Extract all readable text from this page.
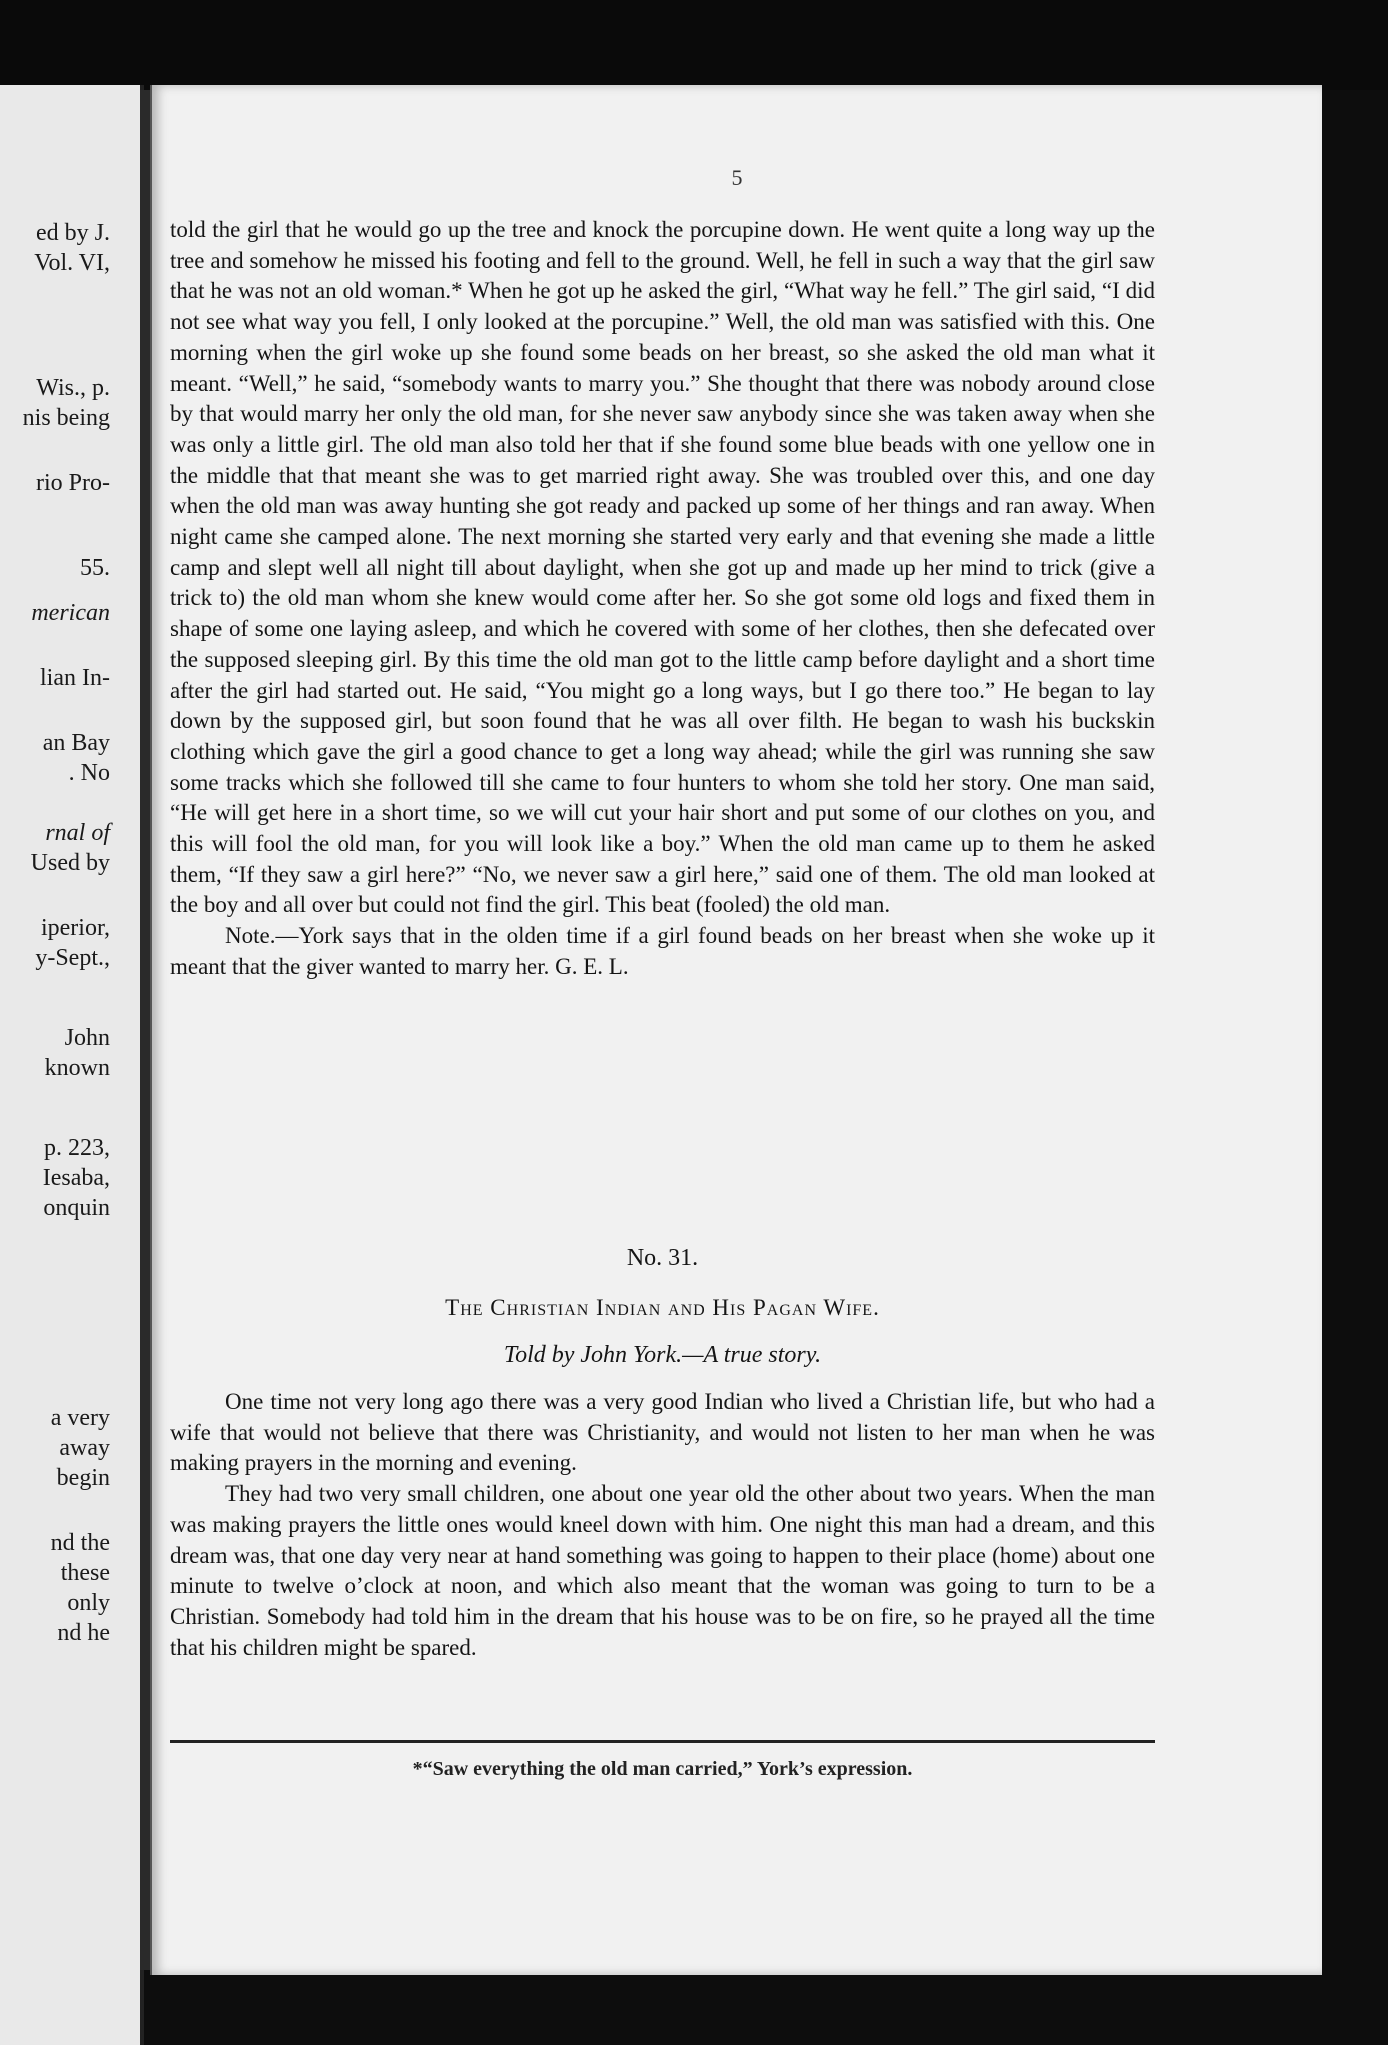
ed by J.
Vol. VI,
Wis., p.
nis being
rio Pro-
55.
merican
lian In-
an Bay
. No
rnal of
Used by
iperior,
y-Sept.,
John
known
p. 223,
Iesaba,
onquin
a very
away
begin
nd the
these
only
nd he
5

told the girl that he would go up the tree and knock the porcupine down. He went quite a long way up the tree and somehow he missed his footing and fell to the ground. Well, he fell in such a way that the girl saw that he was not an old woman.* When he got up he asked the girl, “What way he fell.” The girl said, “I did not see what way you fell, I only looked at the porcupine.” Well, the old man was satisfied with this. One morning when the girl woke up she found some beads on her breast, so she asked the old man what it meant. “Well,” he said, “somebody wants to marry you.” She thought that there was nobody around close by that would marry her only the old man, for she never saw anybody since she was taken away when she was only a little girl. The old man also told her that if she found some blue beads with one yellow one in the middle that that meant she was to get married right away. She was troubled over this, and one day when the old man was away hunting she got ready and packed up some of her things and ran away. When night came she camped alone. The next morning she started very early and that evening she made a little camp and slept well all night till about daylight, when she got up and made up her mind to trick (give a trick to) the old man whom she knew would come after her. So she got some old logs and fixed them in shape of some one laying asleep, and which he covered with some of her clothes, then she defecated over the supposed sleeping girl. By this time the old man got to the little camp before daylight and a short time after the girl had started out. He said, “You might go a long ways, but I go there too.” He began to lay down by the supposed girl, but soon found that he was all over filth. He began to wash his buckskin clothing which gave the girl a good chance to get a long way ahead; while the girl was running she saw some tracks which she followed till she came to four hunters to whom she told her story. One man said, “He will get here in a short time, so we will cut your hair short and put some of our clothes on you, and this will fool the old man, for you will look like a boy.” When the old man came up to them he asked them, “If they saw a girl here?” “No, we never saw a girl here,” said one of them. The old man looked at the boy and all over but could not find the girl. This beat (fooled) the old man.

Note.—York says that in the olden time if a girl found beads on her breast when she woke up it meant that the giver wanted to marry her. G. E. L.

No. 31.
The Christian Indian and His Pagan Wife.
Told by John York.—A true story.

One time not very long ago there was a very good Indian who lived a Christian life, but who had a wife that would not believe that there was Christianity, and would not listen to her man when he was making prayers in the morning and evening.

They had two very small children, one about one year old the other about two years. When the man was making prayers the little ones would kneel down with him. One night this man had a dream, and this dream was, that one day very near at hand something was going to happen to their place (home) about one minute to twelve o’clock at noon, and which also meant that the woman was going to turn to be a Christian. Somebody had told him in the dream that his house was to be on fire, so he prayed all the time that his children might be spared.

*“Saw everything the old man carried,” York’s expression.
